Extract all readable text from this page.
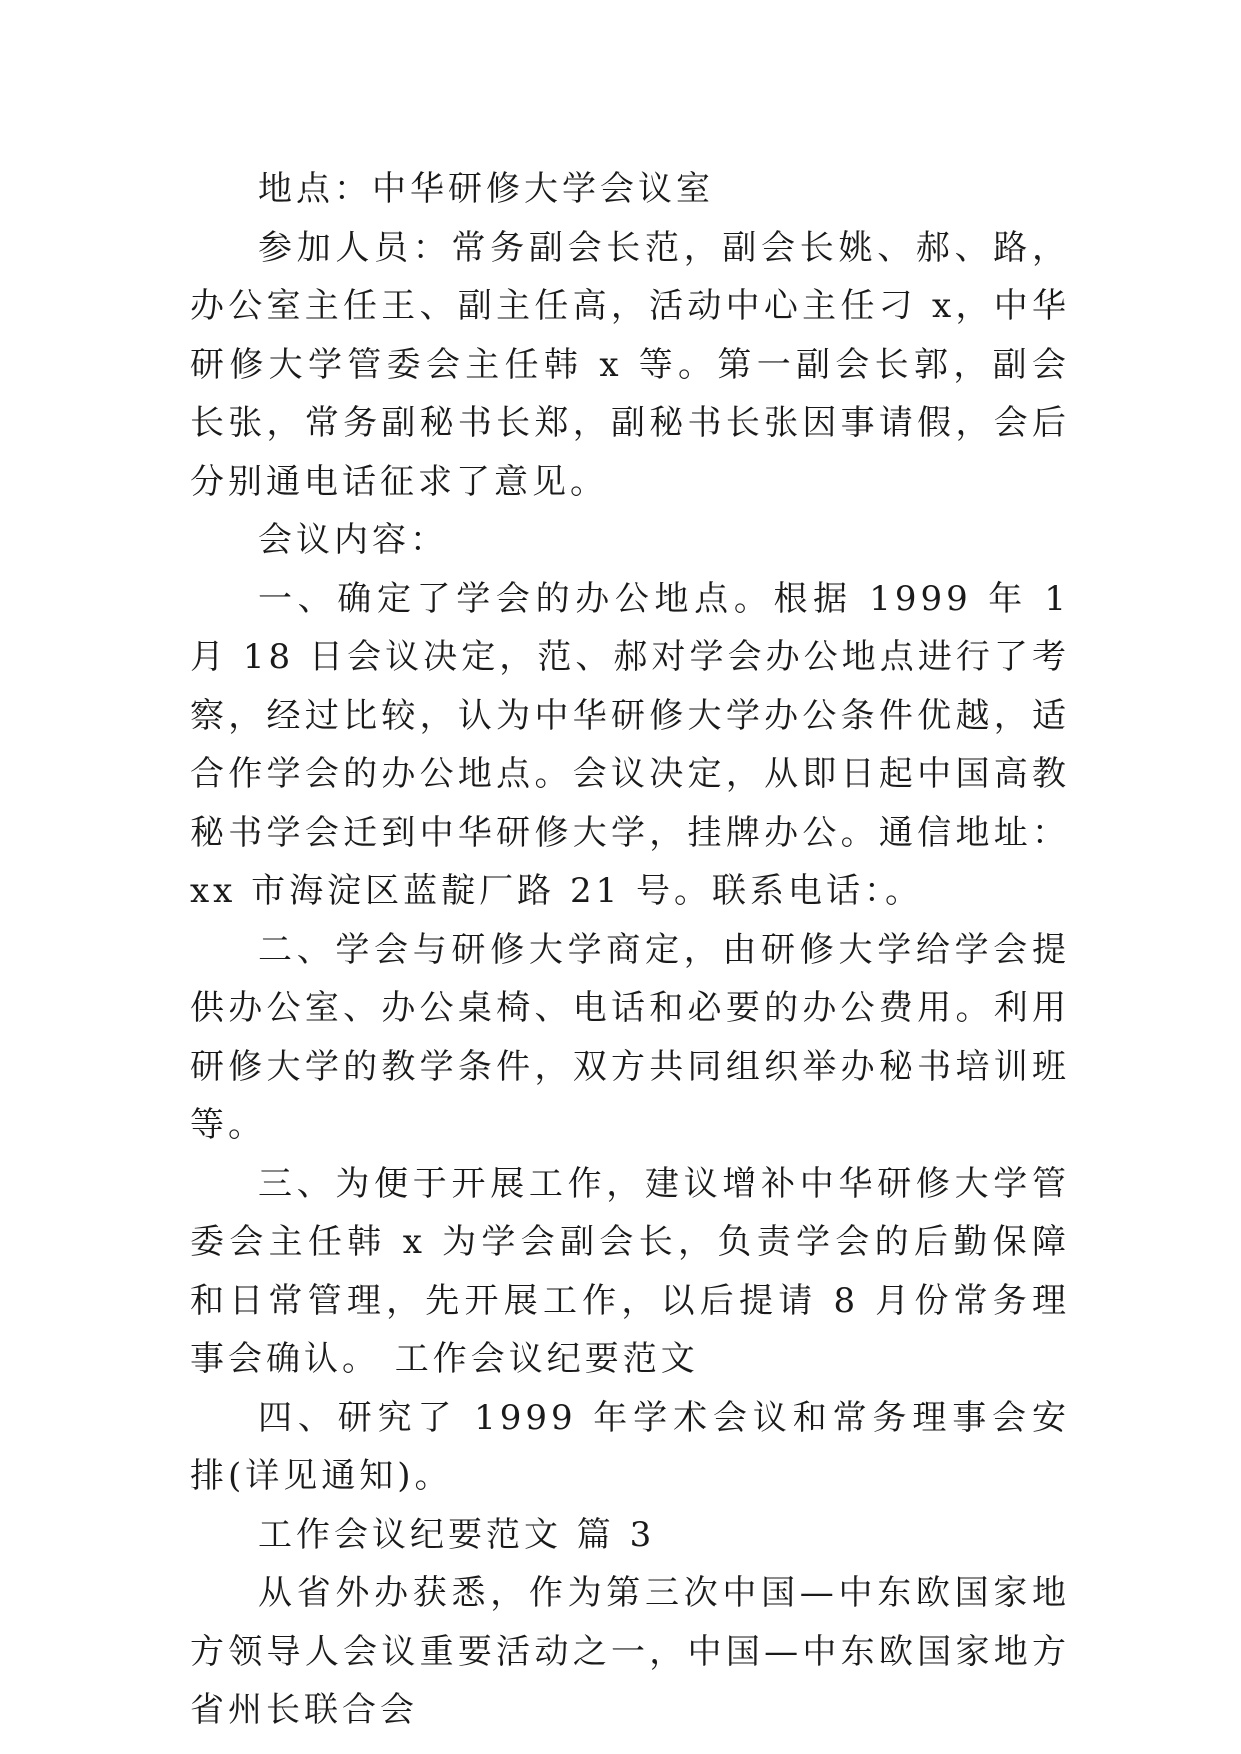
地点：中华研修大学会议室

参加人员：常务副会长范，副会长姚、郝、路，办公室主任王、副主任高，活动中心主任刁 x，中华研修大学管委会主任韩 x 等。第一副会长郭，副会长张，常务副秘书长郑，副秘书长张因事请假，会后分别通电话征求了意见。

会议内容：

一、确定了学会的办公地点。根据 1999 年 1 月 18 日会议决定，范、郝对学会办公地点进行了考察，经过比较，认为中华研修大学办公条件优越，适合作学会的办公地点。会议决定，从即日起中国高教秘书学会迁到中华研修大学，挂牌办公。通信地址：xx 市海淀区蓝靛厂路 21 号。联系电话：。

二、学会与研修大学商定，由研修大学给学会提供办公室、办公桌椅、电话和必要的办公费用。利用研修大学的教学条件，双方共同组织举办秘书培训班等。

三、为便于开展工作，建议增补中华研修大学管委会主任韩 x 为学会副会长，负责学会的后勤保障和日常管理，先开展工作，以后提请 8 月份常务理事会确认。 工作会议纪要范文

四、研究了 1999 年学术会议和常务理事会安排(详见通知)。

工作会议纪要范文 篇 3

从省外办获悉，作为第三次中国—中东欧国家地方领导人会议重要活动之一，中国—中东欧国家地方省州长联合会
